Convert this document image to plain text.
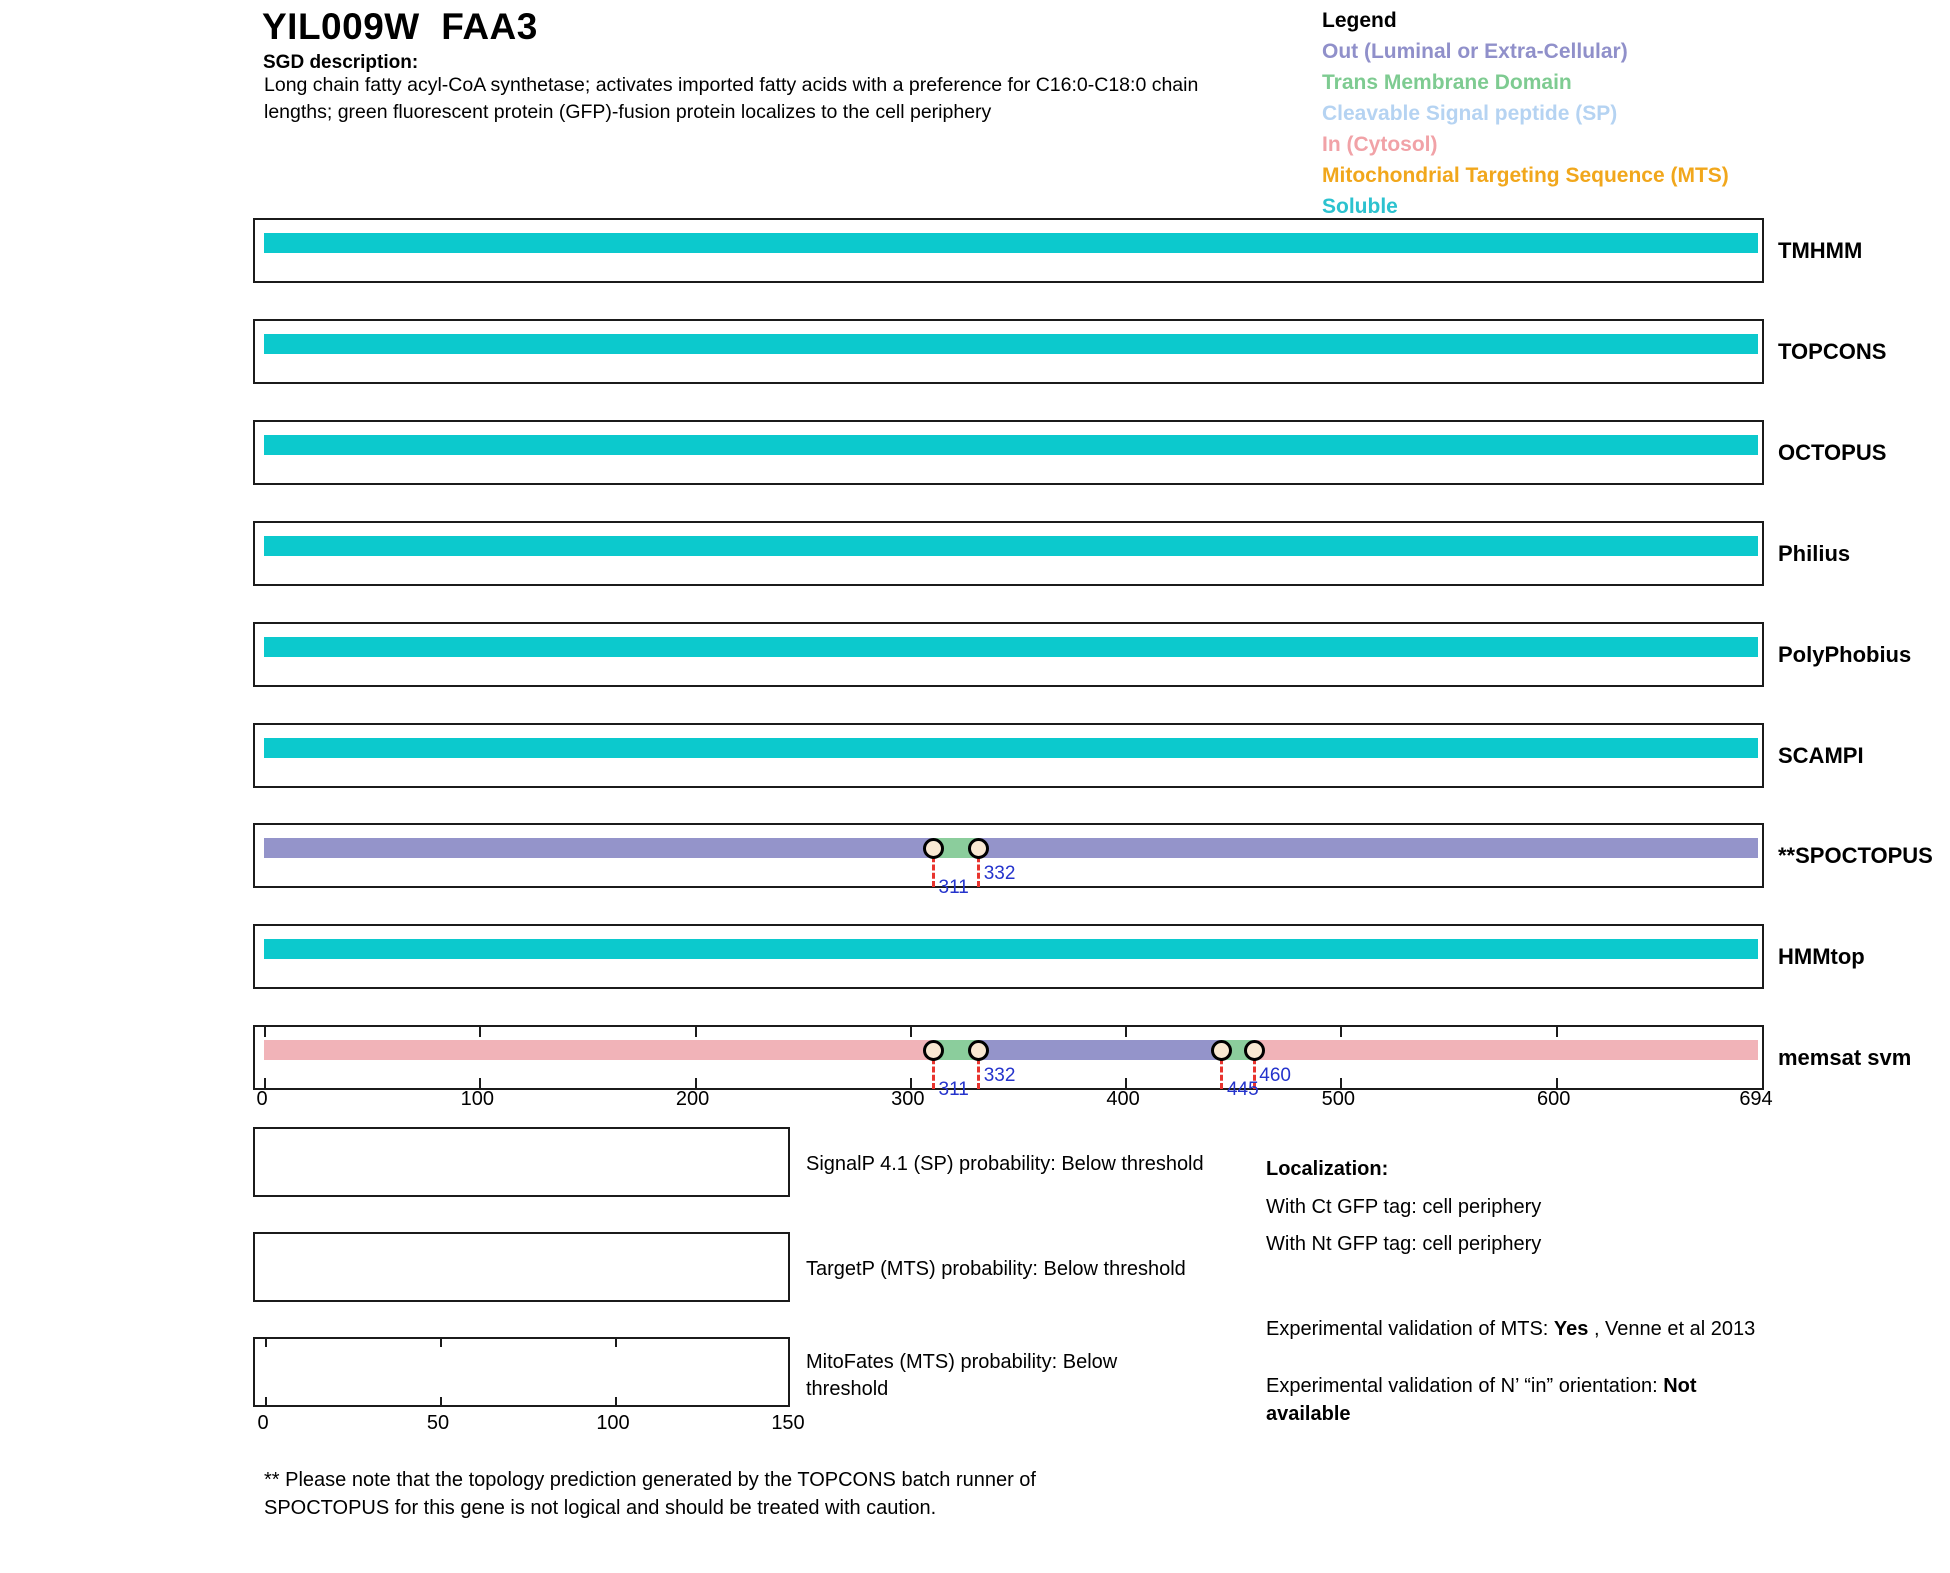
YIL009W  FAA3
SGD description:
Long chain fatty acyl-CoA synthetase; activates imported fatty acids with a preference for C16:0-C18:0 chain
lengths; green fluorescent protein (GFP)-fusion protein localizes to the cell periphery
Legend
Out (Luminal or Extra-Cellular)
Trans Membrane Domain
Cleavable Signal peptide (SP)
In (Cytosol)
Mitochondrial Targeting Sequence (MTS)
Soluble
TMHMM
TOPCONS
OCTOPUS
Philius
PolyPhobius
SCAMPI
311
332
**SPOCTOPUS
HMMtop
311
332
445
460
memsat svm
0	100	200	300	400	500	600	694
0	50	100	150
SignalP 4.1 (SP) probability: Below threshold
TargetP (MTS) probability: Below threshold
MitoFates (MTS) probability: Below threshold
Localization:
With Ct GFP tag: cell periphery
With Nt GFP tag: cell periphery
Experimental validation of MTS: Yes , Venne et al 2013
Experimental validation of N’ “in” orientation: Not available
** Please note that the topology prediction generated by the TOPCONS batch runner of
SPOCTOPUS for this gene is not logical and should be treated with caution.
